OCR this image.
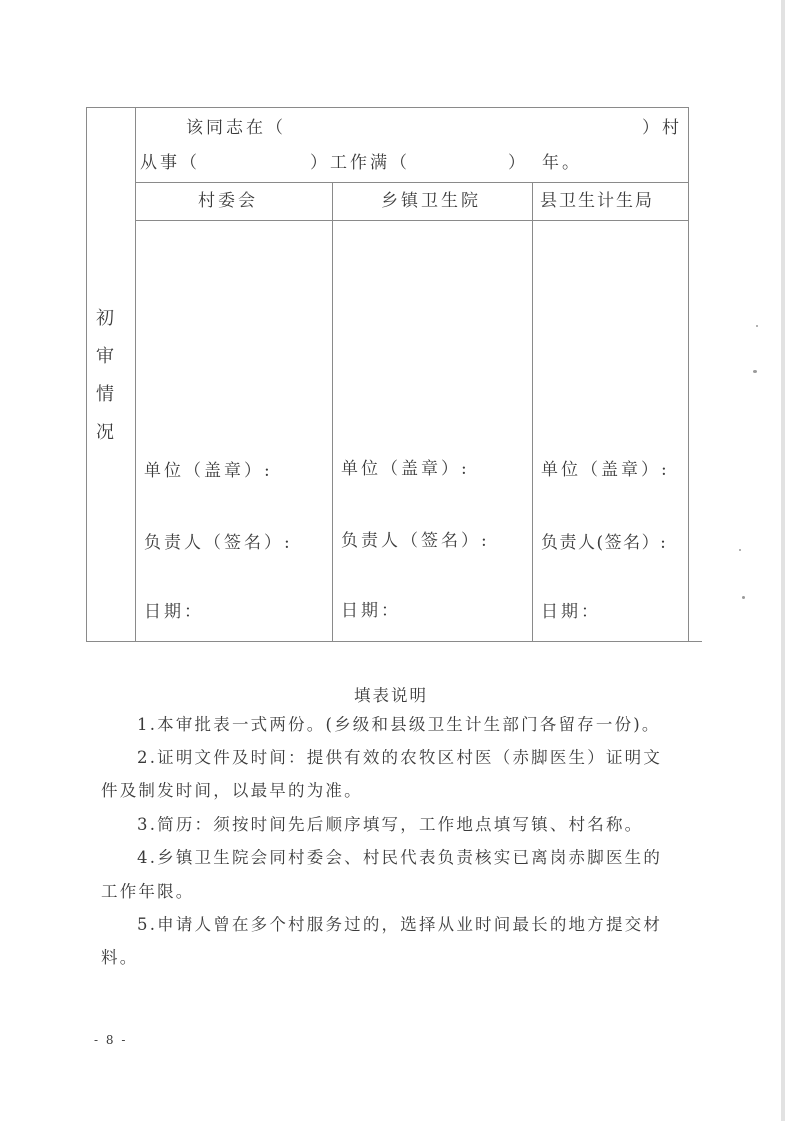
初
审
情
况
该同志在（	）村
从事（	）工作满（	） 年。
村委会	乡镇卫生院	县卫生计生局
单位（盖章）:
负责人（签名）:
日期：
单位（盖章）:
负责人（签名）:
日期：
单位（盖章）:
负责人(签名）:
日期：
填表说明
1.本审批表一式两份。(乡级和县级卫生计生部门各留存一份)。
2.证明文件及时间：提供有效的农牧区村医（赤脚医生）证明文
件及制发时间，以最早的为准。
3.简历：须按时间先后顺序填写，工作地点填写镇、村名称。
4.乡镇卫生院会同村委会、村民代表负责核实已离岗赤脚医生的
工作年限。
5.申请人曾在多个村服务过的，选择从业时间最长的地方提交材
料。
- 8 -
